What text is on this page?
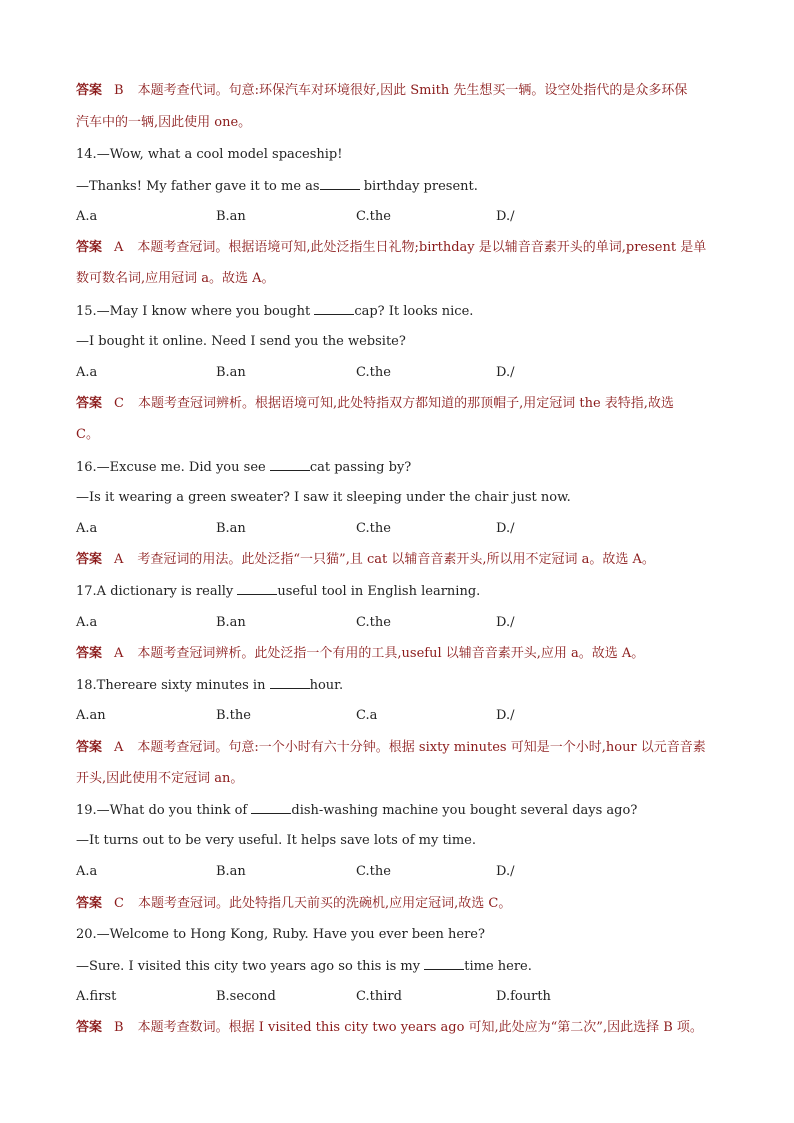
答案 B 本题考查代词。句意:环保汽车对环境很好,因此 Smith 先生想买一辆。设空处指代的是众多环保
汽车中的一辆,因此使用 one。
14.—Wow, what a cool model spaceship!
—Thanks! My father gave it to me as	birthday present.
A.a	B.an	C.the	D./
答案 A 本题考查冠词。根据语境可知,此处泛指生日礼物;birthday 是以辅音音素开头的单词,present 是单
数可数名词,应用冠词 a。故选 A。
15.—May I know where you bought	cap? It looks nice.
—I bought it online. Need I send you the website?
A.a	B.an	C.the	D./
答案 C 本题考查冠词辨析。根据语境可知,此处特指双方都知道的那顶帽子,用定冠词 the 表特指,故选
C。
16.—Excuse me. Did you see	cat passing by?
—Is it wearing a green sweater? I saw it sleeping under the chair just now.
A.a	B.an	C.the	D./
答案 A 考查冠词的用法。此处泛指“一只猫”,且 cat 以辅音音素开头,所以用不定冠词 a。故选 A。
17.A dictionary is really	useful tool in English learning.
A.a	B.an	C.the	D./
答案 A 本题考查冠词辨析。此处泛指一个有用的工具,useful 以辅音音素开头,应用 a。故选 A。
18.Thereare sixty minutes in	hour.
A.an	B.the	C.a	D./
答案 A 本题考查冠词。句意:一个小时有六十分钟。根据 sixty minutes 可知是一个小时,hour 以元音音素
开头,因此使用不定冠词 an。
19.—What do you think of	dish-washing machine you bought several days ago?
—It turns out to be very useful. It helps save lots of my time.
A.a	B.an	C.the	D./
答案 C 本题考查冠词。此处特指几天前买的洗碗机,应用定冠词,故选 C。
20.—Welcome to Hong Kong, Ruby. Have you ever been here?
—Sure. I visited this city two years ago so this is my	time here.
A.first	B.second	C.third	D.fourth
答案 B 本题考查数词。根据 I visited this city two years ago 可知,此处应为“第二次”,因此选择 B 项。
